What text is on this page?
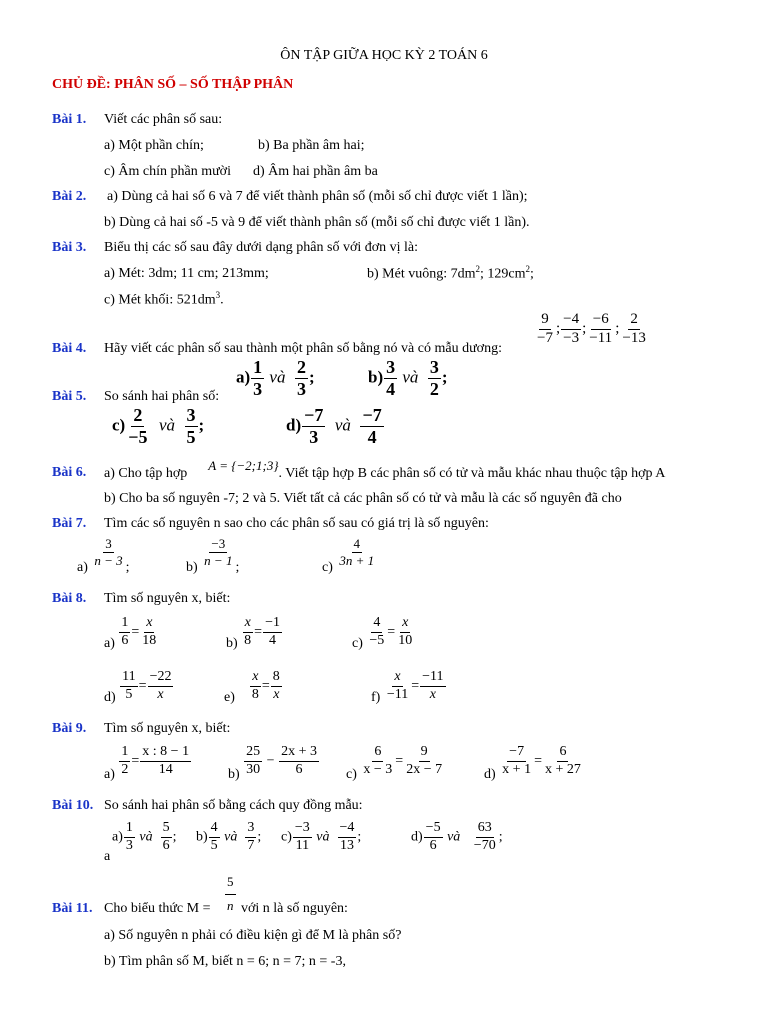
ÔN TẬP GIỮA HỌC KỲ 2 TOÁN 6
CHỦ ĐỀ: PHÂN SỐ – SỐ THẬP PHÂN
Bài 1. Viết các phân số sau:
a) Một phần chín;	b) Ba phần âm hai;
c) Âm chín phần mười d) Âm hai phần âm ba
Bài 2. a) Dùng cả hai số 6 và 7 để viết thành phân số (mỗi số chỉ được viết 1 lần);
b) Dùng cả hai số -5 và 9 để viết thành phân số (mỗi số chỉ được viết 1 lần).
Bài 3. Biểu thị các số sau đây dưới dạng phân số với đơn vị là:
a) Mét: 3dm; 11 cm; 213mm;	b) Mét vuông: $7dm^2$; $129cm^2$;
c) Mét khối: $521dm^3$.
$\frac{9}{-7}$ ; $\frac{-4}{-3}$ ; $\frac{-6}{-11}$ ; $\frac{2}{-13}$
Bài 4. Hãy viết các phân số sau thành một phân số bằng nó và có mẫu dương:
$a) \frac{1}{3}$ và $\frac{2}{3}$ ;	$b) \frac{3}{4}$ và $\frac{3}{2}$ ;
Bài 5. So sánh hai phân số:
$c) \frac{2}{-5}$ và $\frac{3}{5}$ ;	$d) \frac{-7}{3}$ và $\frac{-7}{4}$
Bài 6. a) Cho tập hợp      A = {−2;1;3}. Viết tập hợp B các phân số có tử và mẫu khác nhau thuộc tập hợp A
b) Cho ba số nguyên -7; 2 và 5. Viết tất cả các phân số có tử và mẫu là các số nguyên đã cho
Bài 7. Tìm các số nguyên n sao cho các phân số sau có giá trị là số nguyên:
a)
$\frac{3}{n - 3}$
;	b)
$\frac{-3}{n - 1}$
;	c)
$\frac{4}{3n + 1}$
Bài 8. Tìm số nguyên x, biết:
$a) \frac{1}{6} = \frac{x}{18}$	$b) \frac{x}{8} = \frac{-1}{4}$	$c) \frac{4}{-5} = \frac{x}{10}$
$d) \frac{11}{5} = \frac{-22}{x}$	$e) \frac{x}{8} = \frac{8}{x}$	$f) \frac{x}{-11} = \frac{-11}{x}$
Bài 9. Tìm số nguyên x, biết:
$a) \frac{1}{2} = \frac{x : 8 - 1}{14}$	$b) \frac{25}{30} - \frac{2x + 3}{6} c) \frac{6}{x - 3} = \frac{9}{2x - 7}$	$d) \frac{-7}{x + 1} = \frac{6}{x + 27}$
Bài 10. So sánh hai phân số bằng cách quy đồng mẫu:
$a) \frac{1}{3}$ và $\frac{5}{6}$ ;
a
$b) \frac{4}{5}$ và $\frac{3}{7}$ ; $c) \frac{-3}{11}$ và $\frac{-4}{13}$ ;	$d) \frac{-5}{6}$ và $\frac{63}{-70}$ ;
$\frac{5}{n}$
Bài 11. Cho biểu thức M = với n là số nguyên:
a) Số nguyên n phải có điều kiện gì để M là phân số?
b) Tìm phân số M, biết n = 6; n = 7; n = -3,
